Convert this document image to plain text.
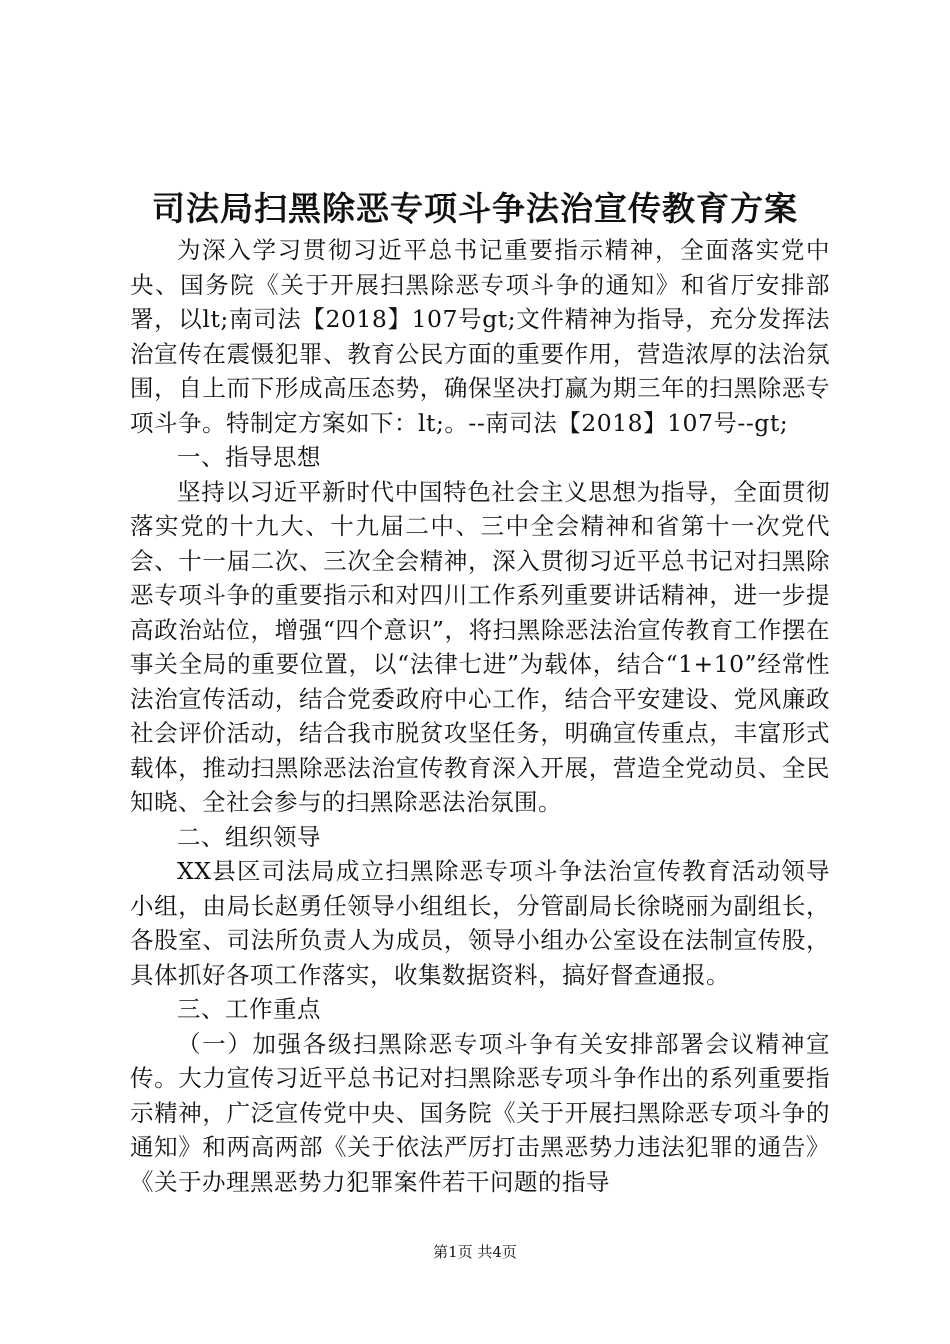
司法局扫黑除恶专项斗争法治宣传教育方案

为深入学习贯彻习近平总书记重要指示精神，全面落实党中央、国务院《关于开展扫黑除恶专项斗争的通知》和省厅安排部署，以lt;南司法【2018】107号gt;文件精神为指导，充分发挥法治宣传在震慑犯罪、教育公民方面的重要作用，营造浓厚的法治氛围，自上而下形成高压态势，确保坚决打赢为期三年的扫黑除恶专项斗争。特制定方案如下：lt;。--南司法【2018】107号--gt;

一、指导思想

坚持以习近平新时代中国特色社会主义思想为指导，全面贯彻落实党的十九大、十九届二中、三中全会精神和省第十一次党代会、十一届二次、三次全会精神，深入贯彻习近平总书记对扫黑除恶专项斗争的重要指示和对四川工作系列重要讲话精神，进一步提高政治站位，增强“四个意识”，将扫黑除恶法治宣传教育工作摆在事关全局的重要位置，以“法律七进”为载体，结合“1+10”经常性法治宣传活动，结合党委政府中心工作，结合平安建设、党风廉政社会评价活动，结合我市脱贫攻坚任务，明确宣传重点，丰富形式载体，推动扫黑除恶法治宣传教育深入开展，营造全党动员、全民知晓、全社会参与的扫黑除恶法治氛围。

二、组织领导

XX县区司法局成立扫黑除恶专项斗争法治宣传教育活动领导小组，由局长赵勇任领导小组组长，分管副局长徐晓丽为副组长，各股室、司法所负责人为成员，领导小组办公室设在法制宣传股，具体抓好各项工作落实，收集数据资料，搞好督查通报。

三、工作重点

（一）加强各级扫黑除恶专项斗争有关安排部署会议精神宣传。大力宣传习近平总书记对扫黑除恶专项斗争作出的系列重要指示精神，广泛宣传党中央、国务院《关于开展扫黑除恶专项斗争的通知》和两高两部《关于依法严厉打击黑恶势力违法犯罪的通告》《关于办理黑恶势力犯罪案件若干问题的指导

第1页 共4页
